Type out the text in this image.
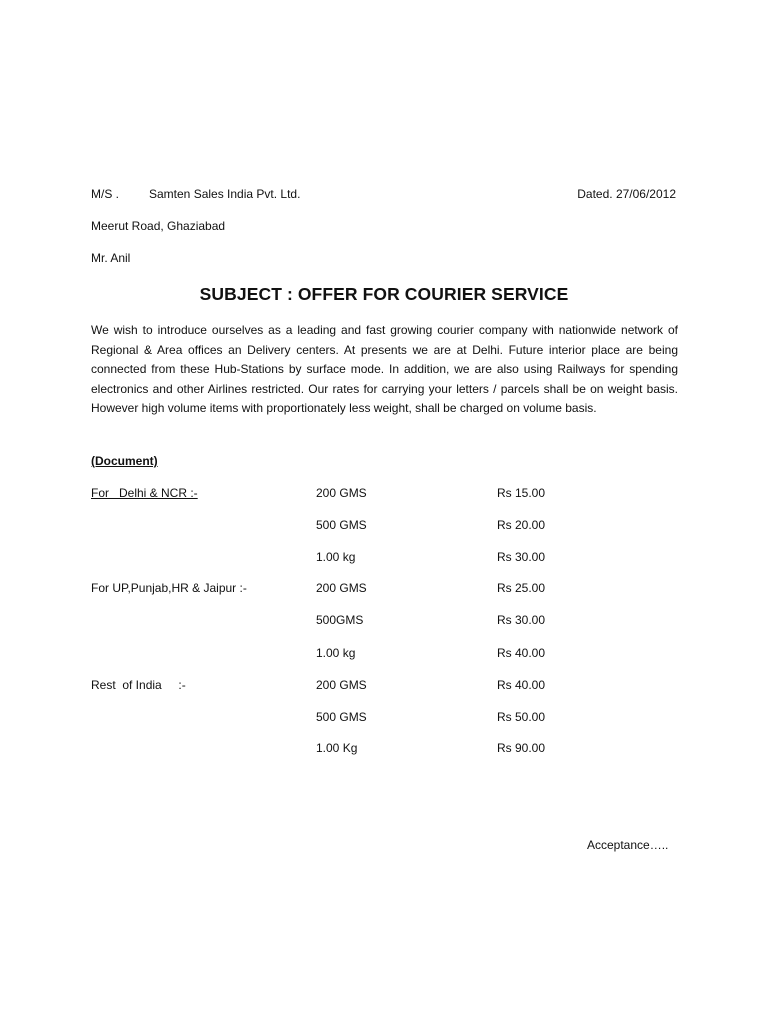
M/S . Samten Sales India Pvt. Ltd.	Dated. 27/06/2012
Meerut Road, Ghaziabad
Mr. Anil
SUBJECT : OFFER FOR COURIER SERVICE
We wish to introduce ourselves as a leading and fast growing courier company with nationwide network of Regional & Area offices an Delivery centers. At presents we are at Delhi. Future interior place are being connected from these Hub-Stations by surface mode. In addition, we are also using Railways for spending electronics and other Airlines restricted. Our rates for carrying your letters / parcels shall be on weight basis. However high volume items with proportionately less weight, shall be charged on volume basis.
(Document)
For   Delhi & NCR :-	200 GMS	Rs 15.00
500 GMS	Rs 20.00
1.00 kg	Rs 30.00
For UP,Punjab,HR & Jaipur :-	200 GMS	Rs 25.00
500GMS	Rs 30.00
1.00 kg	Rs 40.00
Rest  of India     :-	200 GMS	Rs 40.00
500 GMS	Rs 50.00
1.00 Kg	Rs 90.00
Acceptance…..
